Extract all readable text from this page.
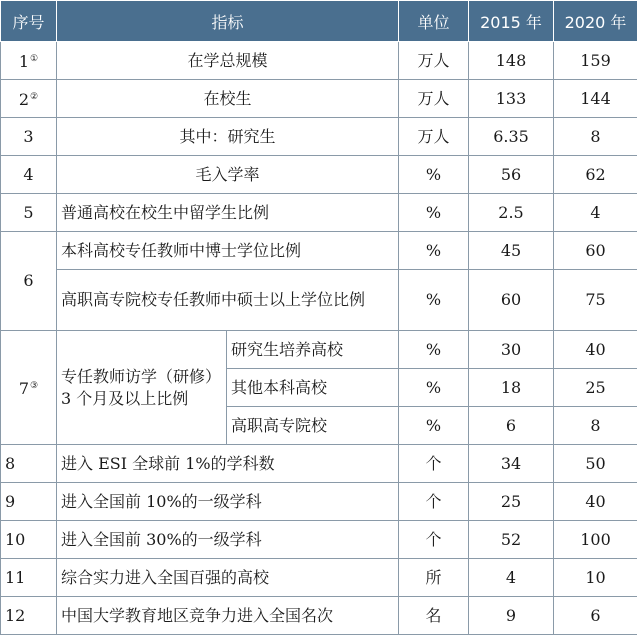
序号	指标		单位	2015 年	2020 年
1①	在学总规模		万人	148	159
2②	在校生		万人	133	144
3	其中：研究生		万人	6.35	8
4	毛入学率		%	56	62
5	普通高校在校生中留学生比例		%	2.5	4
6	本科高校专任教师中博士学位比例		%	45	60
	高职高专院校专任教师中硕士以上学位比例		%	60	75
7③	专任教师访学（研修）3 个月及以上比例	研究生培养高校	%	30	40
		其他本科高校	%	18	25
		高职高专院校	%	6	8
8	进入 ESI 全球前 1%的学科数		个	34	50
9	进入全国前 10%的一级学科		个	25	40
10	进入全国前 30%的一级学科		个	52	100
11	综合实力进入全国百强的高校		所	4	10
12	中国大学教育地区竞争力进入全国名次		名	9	6
